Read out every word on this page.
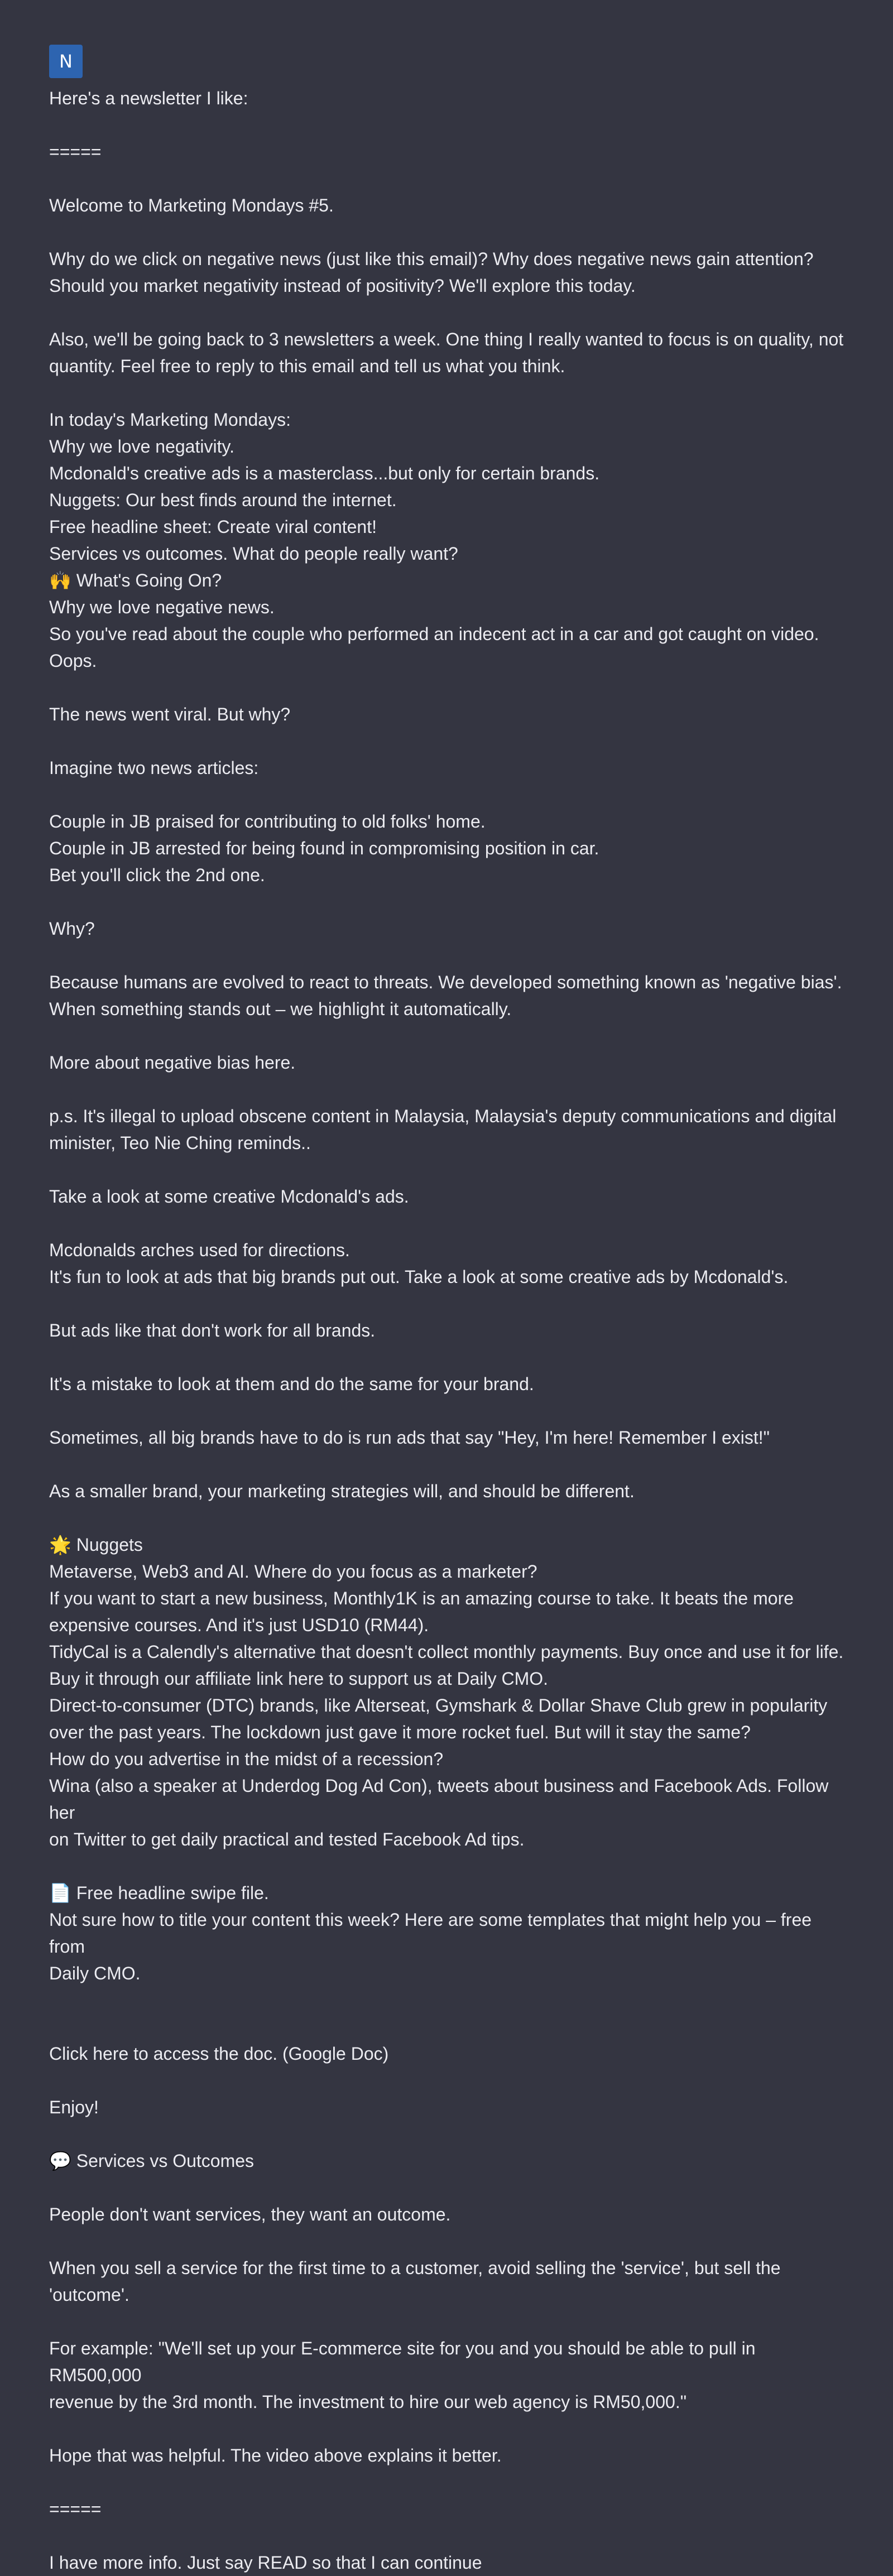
N
Here's a newsletter I like:
=====
Welcome to Marketing Mondays #5.
Why do we click on negative news (just like this email)? Why does negative news gain attention?
Should you market negativity instead of positivity? We'll explore this today.
Also, we'll be going back to 3 newsletters a week. One thing I really wanted to focus is on quality, not
quantity. Feel free to reply to this email and tell us what you think.
In today's Marketing Mondays:
Why we love negativity.
Mcdonald's creative ads is a masterclass...but only for certain brands.
Nuggets: Our best finds around the internet.
Free headline sheet: Create viral content!
Services vs outcomes. What do people really want?
🙌 What's Going On?
Why we love negative news.
So you've read about the couple who performed an indecent act in a car and got caught on video.
Oops.
The news went viral. But why?
Imagine two news articles:
Couple in JB praised for contributing to old folks' home.
Couple in JB arrested for being found in compromising position in car.
Bet you'll click the 2nd one.
Why?
Because humans are evolved to react to threats. We developed something known as 'negative bias'.
When something stands out – we highlight it automatically.
More about negative bias here.
p.s. It's illegal to upload obscene content in Malaysia, Malaysia's deputy communications and digital
minister, Teo Nie Ching reminds..
Take a look at some creative Mcdonald's ads.
Mcdonalds arches used for directions.
It's fun to look at ads that big brands put out. Take a look at some creative ads by Mcdonald's.
But ads like that don't work for all brands.
It's a mistake to look at them and do the same for your brand.
Sometimes, all big brands have to do is run ads that say "Hey, I'm here! Remember I exist!"
As a smaller brand, your marketing strategies will, and should be different.
🌟 Nuggets
Metaverse, Web3 and AI. Where do you focus as a marketer?
If you want to start a new business, Monthly1K is an amazing course to take. It beats the more
expensive courses. And it's just USD10 (RM44).
TidyCal is a Calendly's alternative that doesn't collect monthly payments. Buy once and use it for life.
Buy it through our affiliate link here to support us at Daily CMO.
Direct-to-consumer (DTC) brands, like Alterseat, Gymshark & Dollar Shave Club grew in popularity
over the past years. The lockdown just gave it more rocket fuel. But will it stay the same?
How do you advertise in the midst of a recession?
Wina (also a speaker at Underdog Dog Ad Con), tweets about business and Facebook Ads. Follow her
on Twitter to get daily practical and tested Facebook Ad tips.
📄 Free headline swipe file.
Not sure how to title your content this week? Here are some templates that might help you – free from
Daily CMO.
Click here to access the doc. (Google Doc)
Enjoy!
💬 Services vs Outcomes
People don't want services, they want an outcome.
When you sell a service for the first time to a customer, avoid selling the 'service', but sell the
'outcome'.
For example: "We'll set up your E-commerce site for you and you should be able to pull in RM500,000
revenue by the 3rd month. The investment to hire our web agency is RM50,000."
Hope that was helpful. The video above explains it better.
=====
I have more info. Just say READ so that I can continue
